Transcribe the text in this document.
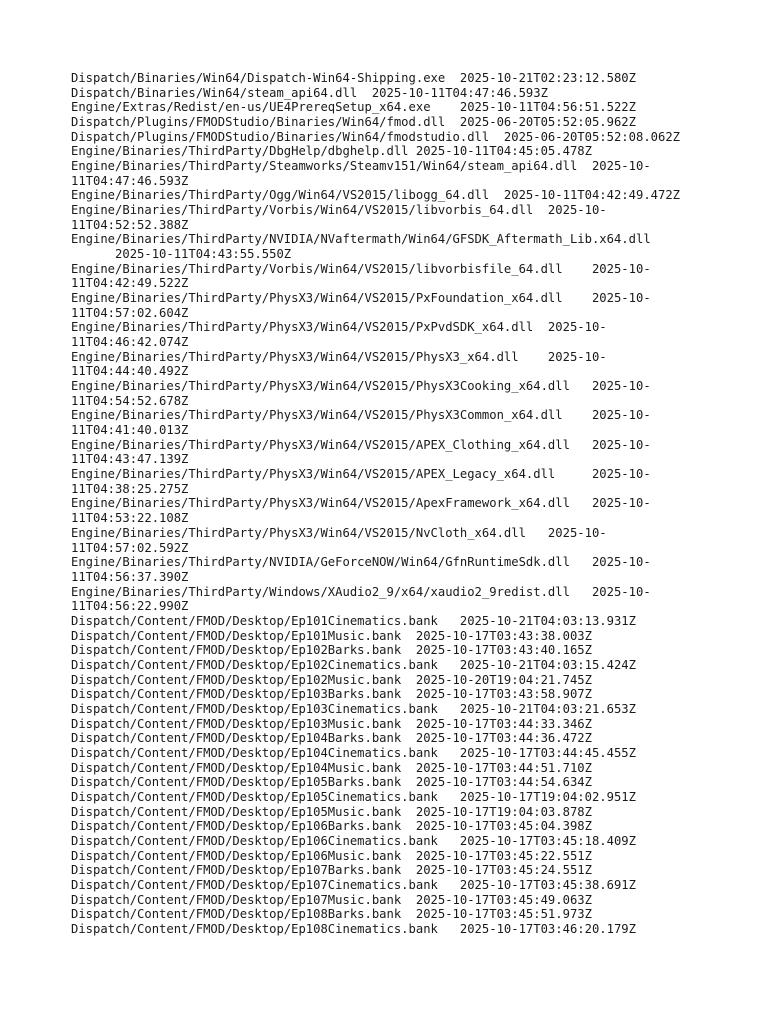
Dispatch/Binaries/Win64/Dispatch-Win64-Shipping.exe  2025-10-21T02:23:12.580Z
Dispatch/Binaries/Win64/steam_api64.dll  2025-10-11T04:47:46.593Z
Engine/Extras/Redist/en-us/UE4PrereqSetup_x64.exe    2025-10-11T04:56:51.522Z
Dispatch/Plugins/FMODStudio/Binaries/Win64/fmod.dll  2025-06-20T05:52:05.962Z
Dispatch/Plugins/FMODStudio/Binaries/Win64/fmodstudio.dll  2025-06-20T05:52:08.062Z
Engine/Binaries/ThirdParty/DbgHelp/dbghelp.dll 2025-10-11T04:45:05.478Z
Engine/Binaries/ThirdParty/Steamworks/Steamv151/Win64/steam_api64.dll  2025-10-
11T04:47:46.593Z
Engine/Binaries/ThirdParty/Ogg/Win64/VS2015/libogg_64.dll  2025-10-11T04:42:49.472Z
Engine/Binaries/ThirdParty/Vorbis/Win64/VS2015/libvorbis_64.dll  2025-10-
11T04:52:52.388Z
Engine/Binaries/ThirdParty/NVIDIA/NVaftermath/Win64/GFSDK_Aftermath_Lib.x64.dll
2025-10-11T04:43:55.550Z
Engine/Binaries/ThirdParty/Vorbis/Win64/VS2015/libvorbisfile_64.dll    2025-10-
11T04:42:49.522Z
Engine/Binaries/ThirdParty/PhysX3/Win64/VS2015/PxFoundation_x64.dll    2025-10-
11T04:57:02.604Z
Engine/Binaries/ThirdParty/PhysX3/Win64/VS2015/PxPvdSDK_x64.dll  2025-10-
11T04:46:42.074Z
Engine/Binaries/ThirdParty/PhysX3/Win64/VS2015/PhysX3_x64.dll    2025-10-
11T04:44:40.492Z
Engine/Binaries/ThirdParty/PhysX3/Win64/VS2015/PhysX3Cooking_x64.dll   2025-10-
11T04:54:52.678Z
Engine/Binaries/ThirdParty/PhysX3/Win64/VS2015/PhysX3Common_x64.dll    2025-10-
11T04:41:40.013Z
Engine/Binaries/ThirdParty/PhysX3/Win64/VS2015/APEX_Clothing_x64.dll   2025-10-
11T04:43:47.139Z
Engine/Binaries/ThirdParty/PhysX3/Win64/VS2015/APEX_Legacy_x64.dll     2025-10-
11T04:38:25.275Z
Engine/Binaries/ThirdParty/PhysX3/Win64/VS2015/ApexFramework_x64.dll   2025-10-
11T04:53:22.108Z
Engine/Binaries/ThirdParty/PhysX3/Win64/VS2015/NvCloth_x64.dll   2025-10-
11T04:57:02.592Z
Engine/Binaries/ThirdParty/NVIDIA/GeForceNOW/Win64/GfnRuntimeSdk.dll   2025-10-
11T04:56:37.390Z
Engine/Binaries/ThirdParty/Windows/XAudio2_9/x64/xaudio2_9redist.dll   2025-10-
11T04:56:22.990Z
Dispatch/Content/FMOD/Desktop/Ep101Cinematics.bank   2025-10-21T04:03:13.931Z
Dispatch/Content/FMOD/Desktop/Ep101Music.bank  2025-10-17T03:43:38.003Z
Dispatch/Content/FMOD/Desktop/Ep102Barks.bank  2025-10-17T03:43:40.165Z
Dispatch/Content/FMOD/Desktop/Ep102Cinematics.bank   2025-10-21T04:03:15.424Z
Dispatch/Content/FMOD/Desktop/Ep102Music.bank  2025-10-20T19:04:21.745Z
Dispatch/Content/FMOD/Desktop/Ep103Barks.bank  2025-10-17T03:43:58.907Z
Dispatch/Content/FMOD/Desktop/Ep103Cinematics.bank   2025-10-21T04:03:21.653Z
Dispatch/Content/FMOD/Desktop/Ep103Music.bank  2025-10-17T03:44:33.346Z
Dispatch/Content/FMOD/Desktop/Ep104Barks.bank  2025-10-17T03:44:36.472Z
Dispatch/Content/FMOD/Desktop/Ep104Cinematics.bank   2025-10-17T03:44:45.455Z
Dispatch/Content/FMOD/Desktop/Ep104Music.bank  2025-10-17T03:44:51.710Z
Dispatch/Content/FMOD/Desktop/Ep105Barks.bank  2025-10-17T03:44:54.634Z
Dispatch/Content/FMOD/Desktop/Ep105Cinematics.bank   2025-10-17T19:04:02.951Z
Dispatch/Content/FMOD/Desktop/Ep105Music.bank  2025-10-17T19:04:03.878Z
Dispatch/Content/FMOD/Desktop/Ep106Barks.bank  2025-10-17T03:45:04.398Z
Dispatch/Content/FMOD/Desktop/Ep106Cinematics.bank   2025-10-17T03:45:18.409Z
Dispatch/Content/FMOD/Desktop/Ep106Music.bank  2025-10-17T03:45:22.551Z
Dispatch/Content/FMOD/Desktop/Ep107Barks.bank  2025-10-17T03:45:24.551Z
Dispatch/Content/FMOD/Desktop/Ep107Cinematics.bank   2025-10-17T03:45:38.691Z
Dispatch/Content/FMOD/Desktop/Ep107Music.bank  2025-10-17T03:45:49.063Z
Dispatch/Content/FMOD/Desktop/Ep108Barks.bank  2025-10-17T03:45:51.973Z
Dispatch/Content/FMOD/Desktop/Ep108Cinematics.bank   2025-10-17T03:46:20.179Z
